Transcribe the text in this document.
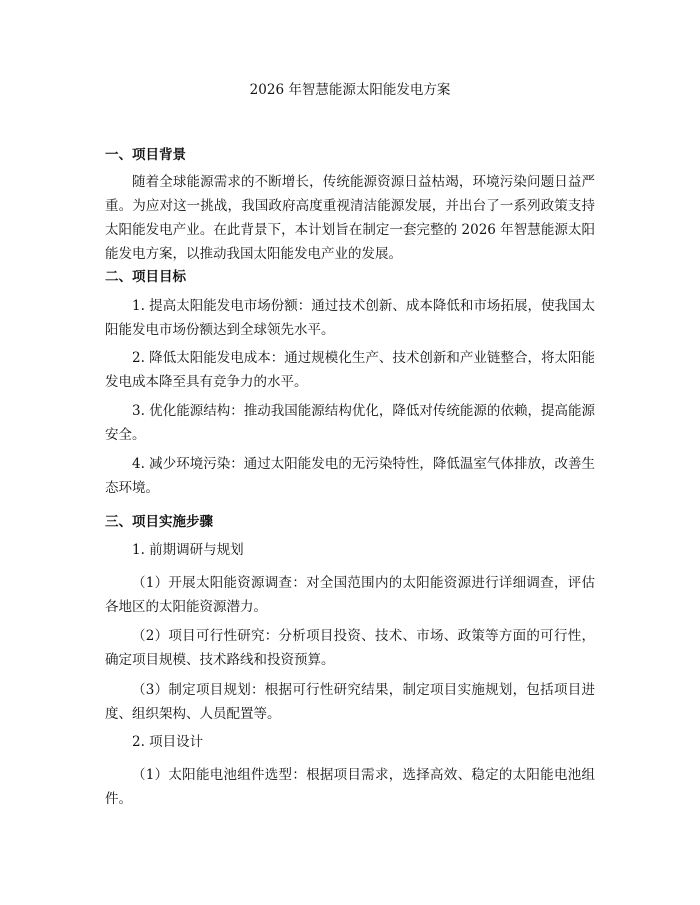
2026 年智慧能源太阳能发电方案
一、项目背景
随着全球能源需求的不断增长，传统能源资源日益枯竭，环境污染问题日益严重。为应对这一挑战，我国政府高度重视清洁能源发展，并出台了一系列政策支持太阳能发电产业。在此背景下，本计划旨在制定一套完整的 2026 年智慧能源太阳能发电方案，以推动我国太阳能发电产业的发展。
二、项目目标
1. 提高太阳能发电市场份额：通过技术创新、成本降低和市场拓展，使我国太阳能发电市场份额达到全球领先水平。
2. 降低太阳能发电成本：通过规模化生产、技术创新和产业链整合，将太阳能发电成本降至具有竞争力的水平。
3. 优化能源结构：推动我国能源结构优化，降低对传统能源的依赖，提高能源安全。
4. 减少环境污染：通过太阳能发电的无污染特性，降低温室气体排放，改善生态环境。
三、项目实施步骤
1. 前期调研与规划
（1）开展太阳能资源调查：对全国范围内的太阳能资源进行详细调查，评估各地区的太阳能资源潜力。
（2）项目可行性研究：分析项目投资、技术、市场、政策等方面的可行性，确定项目规模、技术路线和投资预算。
（3）制定项目规划：根据可行性研究结果，制定项目实施规划，包括项目进度、组织架构、人员配置等。
2. 项目设计
（1）太阳能电池组件选型：根据项目需求，选择高效、稳定的太阳能电池组件。
